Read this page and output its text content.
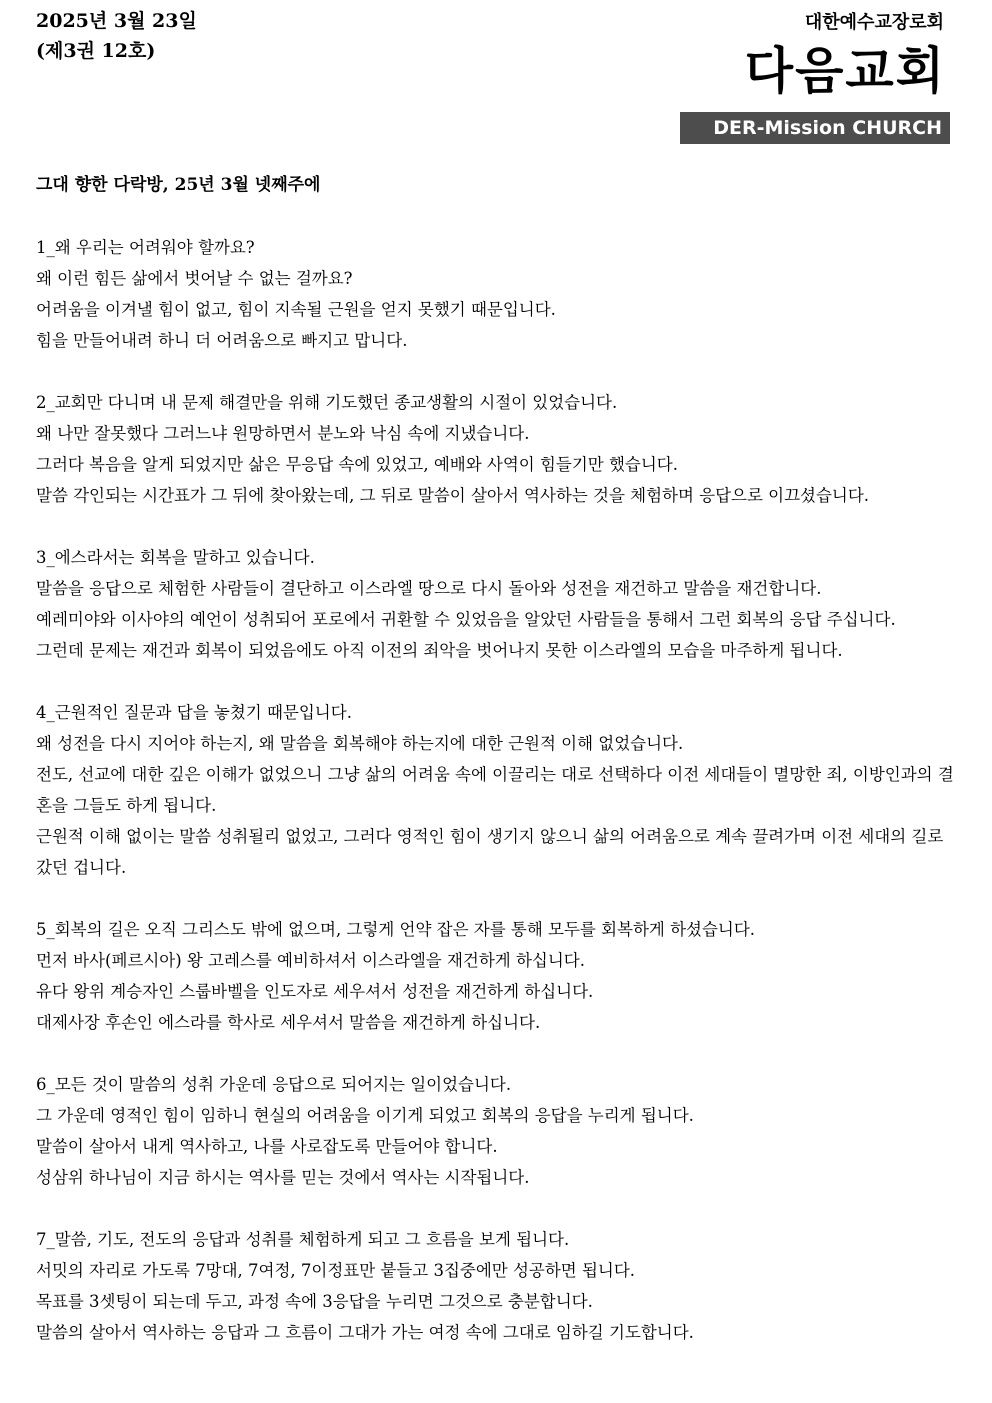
2025년 3월 23일
(제3권 12호)
대한예수교장로회
다음교회
DER-Mission CHURCH
그대 향한 다락방, 25년 3월 넷째주에
1_왜 우리는 어려워야 할까요?
왜 이런 힘든 삶에서 벗어날 수 없는 걸까요?
어려움을 이겨낼 힘이 없고, 힘이 지속될 근원을 얻지 못했기 때문입니다.
힘을 만들어내려 하니 더 어려움으로 빠지고 맙니다.
2_교회만 다니며 내 문제 해결만을 위해 기도했던 종교생활의 시절이 있었습니다.
왜 나만 잘못했다 그러느냐 원망하면서 분노와 낙심 속에 지냈습니다.
그러다 복음을 알게 되었지만 삶은 무응답 속에 있었고, 예배와 사역이 힘들기만 했습니다.
말씀 각인되는 시간표가 그 뒤에 찾아왔는데, 그 뒤로 말씀이 살아서 역사하는 것을 체험하며 응답으로 이끄셨습니다.
3_에스라서는 회복을 말하고 있습니다.
말씀을 응답으로 체험한 사람들이 결단하고 이스라엘 땅으로 다시 돌아와 성전을 재건하고 말씀을 재건합니다.
예레미야와 이사야의 예언이 성취되어 포로에서 귀환할 수 있었음을 알았던 사람들을 통해서 그런 회복의 응답 주십니다.
그런데 문제는 재건과 회복이 되었음에도 아직 이전의 죄악을 벗어나지 못한 이스라엘의 모습을 마주하게 됩니다.
4_근원적인 질문과 답을 놓쳤기 때문입니다.
왜 성전을 다시 지어야 하는지, 왜 말씀을 회복해야 하는지에 대한 근원적 이해 없었습니다.
전도, 선교에 대한 깊은 이해가 없었으니 그냥 삶의 어려움 속에 이끌리는 대로 선택하다 이전 세대들이 멸망한 죄, 이방인과의 결혼을 그들도 하게 됩니다.
근원적 이해 없이는 말씀 성취될리 없었고, 그러다 영적인 힘이 생기지 않으니 삶의 어려움으로 계속 끌려가며 이전 세대의 길로 갔던 겁니다.
5_회복의 길은 오직 그리스도 밖에 없으며, 그렇게 언약 잡은 자를 통해 모두를 회복하게 하셨습니다.
먼저 바사(페르시아) 왕 고레스를 예비하셔서 이스라엘을 재건하게 하십니다.
유다 왕위 계승자인 스룹바벨을 인도자로 세우셔서 성전을 재건하게 하십니다.
대제사장 후손인 에스라를 학사로 세우셔서 말씀을 재건하게 하십니다.
6_모든 것이 말씀의 성취 가운데 응답으로 되어지는 일이었습니다.
그 가운데 영적인 힘이 임하니 현실의 어려움을 이기게 되었고 회복의 응답을 누리게 됩니다.
말씀이 살아서 내게 역사하고, 나를 사로잡도록 만들어야 합니다.
성삼위 하나님이 지금 하시는 역사를 믿는 것에서 역사는 시작됩니다.
7_말씀, 기도, 전도의 응답과 성취를 체험하게 되고 그 흐름을 보게 됩니다.
서밋의 자리로 가도록 7망대, 7여정, 7이정표만 붙들고 3집중에만 성공하면 됩니다.
목표를 3셋팅이 되는데 두고, 과정 속에 3응답을 누리면 그것으로 충분합니다.
말씀의 살아서 역사하는 응답과 그 흐름이 그대가 가는 여정 속에 그대로 임하길 기도합니다.
